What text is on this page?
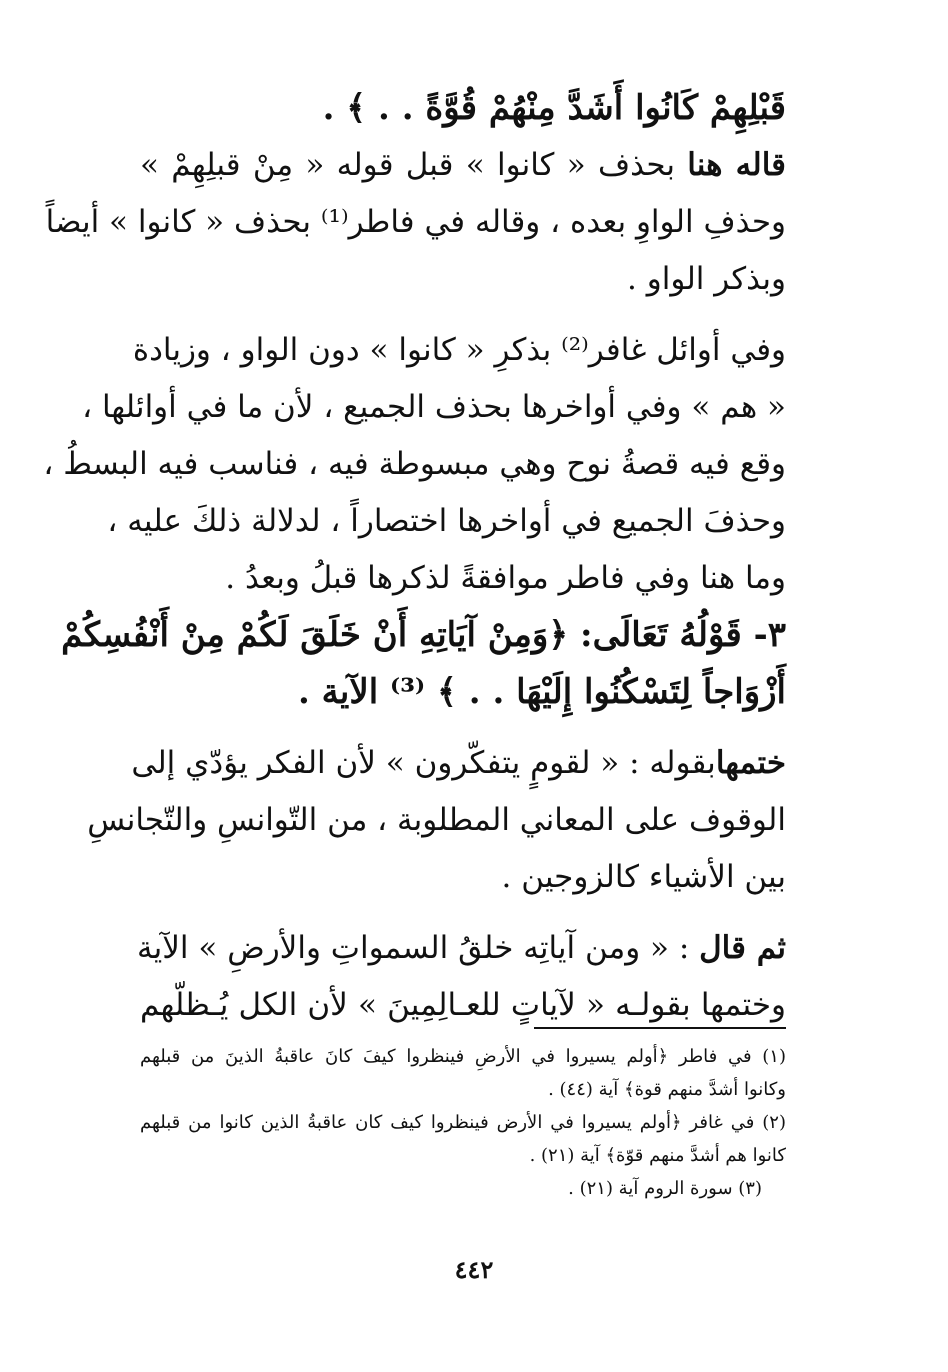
قَبْلِهِمْ كَانُوا أَشَدَّ مِنْهُمْ قُوَّةً . . ﴾ .
قاله هنا بحذف « كانوا » قبل قوله « مِنْ قبلِهِمْ »
وحذفِ الواوِ بعده ، وقاله في فاطر⁽¹⁾ بحذف « كانوا » أيضاً
وبذكر الواو .
وفي أوائل غافر⁽²⁾ بذكرِ « كانوا » دون الواو ، وزيادة
« هم » وفي أواخرها بحذف الجميع ، لأن ما في أوائلها ،
وقع فيه قصةُ نوح وهي مبسوطة فيه ، فناسب فيه البسطُ ،
وحذفَ الجميع في أواخرها اختصاراً ، لدلالة ذلكَ عليه ،
وما هنا وفي فاطر موافقةً لذكرها قبلُ وبعدُ .
٣- قَوْلُهُ تَعَالَى: ﴿وَمِنْ آيَاتِهِ أَنْ خَلَقَ لَكُمْ مِنْ أَنْفُسِكُمْ
أَزْوَاجاً لِتَسْكُنُوا إِلَيْهَا . . ﴾ ⁽³⁾ الآية .
ختمهابقوله : « لقومٍ يتفكّرون » لأن الفكر يؤدّي إلى
الوقوف على المعاني المطلوبة ، من التّوانسِ والتّجانسِ
بين الأشياء كالزوجين .
ثم قال : « ومن آياتِه خلقُ السمواتِ والأرضِ » الآية
وختمها بقولـه « لآياتٍ للعـالِمِينَ » لأن الكل يُـظلّهم
(١) في فاطر ﴿أولم يسيروا في الأرضِ فينظروا كيفَ كانَ عاقبةُ الذينَ من قبلهم
وكانوا أشدَّ منهم قوة﴾ آية (٤٤) .
(٢) في غافر ﴿أولم يسيروا في الأرض فينظروا كيف كان عاقبةُ الذين كانوا من قبلهم
كانوا هم أشدَّ منهم قوّة﴾ آية (٢١) .
(٣) سورة الروم آية (٢١) .
٤٤٢
